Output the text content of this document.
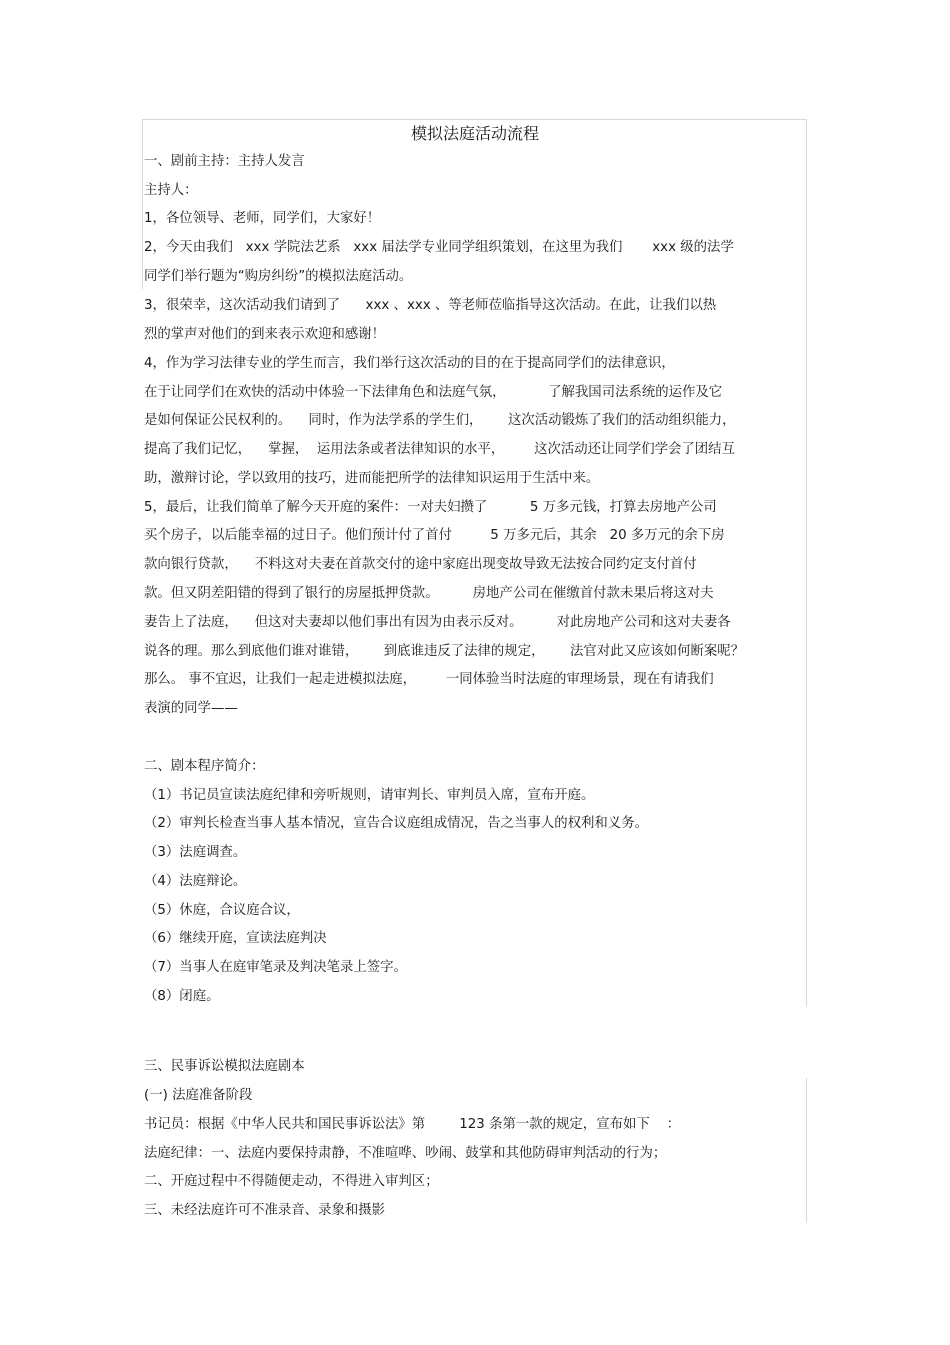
模拟法庭活动流程
一、剧前主持：主持人发言
主持人：
1，各位领导、老师，同学们，大家好！
2，今天由我们   xxx 学院法艺系   xxx 届法学专业同学组织策划，在这里为我们       xxx 级的法学
同学们举行题为“购房纠纷”的模拟法庭活动。
3，很荣幸，这次活动我们请到了      xxx 、xxx 、等老师莅临指导这次活动。在此，让我们以热
烈的掌声对他们的到来表示欢迎和感谢！
4，作为学习法律专业的学生而言，我们举行这次活动的目的在于提高同学们的法律意识，
在于让同学们在欢快的活动中体验一下法律角色和法庭气氛，          了解我国司法系统的运作及它
是如何保证公民权利的。    同时，作为法学系的学生们，      这次活动锻炼了我们的活动组织能力，
提高了我们记忆，    掌握，  运用法条或者法律知识的水平，       这次活动还让同学们学会了团结互
助，激辩讨论，学以致用的技巧，进而能把所学的法律知识运用于生活中来。
5，最后，让我们简单了解今天开庭的案件：一对夫妇攒了          5 万多元钱，打算去房地产公司
买个房子，以后能幸福的过日子。他们预计付了首付         5 万多元后，其余   20 多万元的余下房
款向银行贷款，    不料这对夫妻在首款交付的途中家庭出现变故导致无法按合同约定支付首付
款。但又阴差阳错的得到了银行的房屋抵押贷款。        房地产公司在催缴首付款未果后将这对夫
妻告上了法庭，    但这对夫妻却以他们事出有因为由表示反对。        对此房地产公司和这对夫妻各
说各的理。那么到底他们谁对谁错，      到底谁违反了法律的规定，      法官对此又应该如何断案呢？
那么。 事不宜迟，让我们一起走进模拟法庭，       一同体验当时法庭的审理场景，现在有请我们
表演的同学——
二、剧本程序简介：
（1）书记员宣读法庭纪律和旁听规则，请审判长、审判员入席，宣布开庭。
（2）审判长检查当事人基本情况，宣告合议庭组成情况，告之当事人的权利和义务。
（3）法庭调查。
（4）法庭辩论。
（5）休庭，合议庭合议，
（6）继续开庭，宣读法庭判决
（7）当事人在庭审笔录及判决笔录上签字。
（8）闭庭。
三、民事诉讼模拟法庭剧本
(一) 法庭准备阶段
书记员：根据《中华人民共和国民事诉讼法》第        123 条第一款的规定，宣布如下    ：
法庭纪律：一、法庭内要保持肃静，不准喧哗、吵闹、鼓掌和其他防碍审判活动的行为；
二、开庭过程中不得随便走动，不得进入审判区；
三、未经法庭许可不准录音、录象和摄影
